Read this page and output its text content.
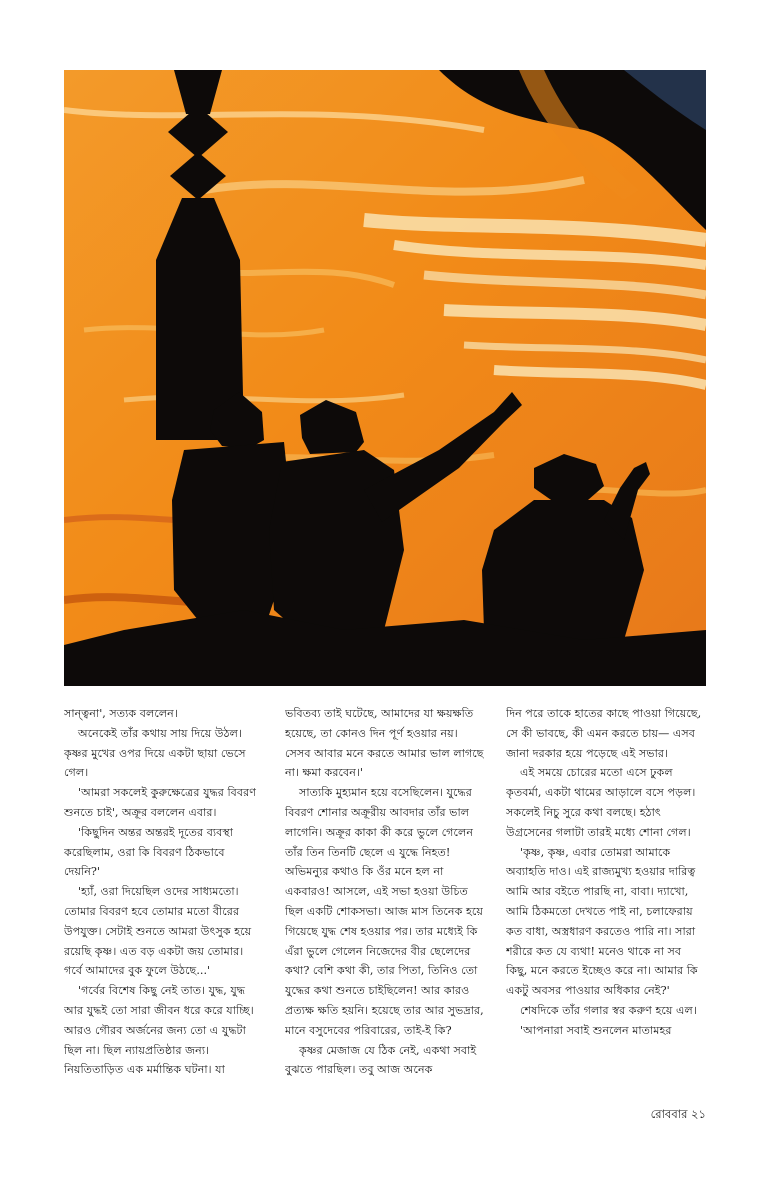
সান্ত্বনা', সত্যক বললেন।

অনেকেই তাঁর কথায় সায় দিয়ে উঠল। কৃষ্ণর মুখের ওপর দিয়ে একটা ছায়া ভেসে গেল।

'আমরা সকলেই কুরুক্ষেত্রের যুদ্ধর বিবরণ শুনতে চাই', অক্রূর বললেন এবার।

'কিছুদিন অন্তর অন্তরই দূতের ব্যবস্থা করেছিলাম, ওরা কি বিবরণ ঠিকভাবে দেয়নি?'

'হ্যাঁ, ওরা দিয়েছিল ওদের সাধ্যমতো। তোমার বিবরণ হবে তোমার মতো বীরের উপযুক্ত। সেটাই শুনতে আমরা উৎসুক হয়ে রয়েছি কৃষ্ণ। এত বড় একটা জয় তোমার। গর্বে আমাদের বুক ফুলে উঠছে...'

'গর্বের বিশেষ কিছু নেই তাত। যুদ্ধ, যুদ্ধ আর যুদ্ধই তো সারা জীবন ধরে করে যাচ্ছি। আরও গৌরব অর্জনের জন্য তো এ যুদ্ধটা ছিল না। ছিল ন্যায়প্রতিষ্ঠার জন্য। নিয়তিতাড়িত এক মর্মান্তিক ঘটনা। যা

ভবিতব্য তাই ঘটেছে, আমাদের যা ক্ষয়ক্ষতি হয়েছে, তা কোনও দিন পূর্ণ হওয়ার নয়। সেসব আবার মনে করতে আমার ভাল লাগছে না। ক্ষমা করবেন।'

সাত্যকি মুহ্যমান হয়ে বসেছিলেন। যুদ্ধের বিবরণ শোনার অক্রূরীয় আবদার তাঁর ভাল লাগেনি। অক্রূর কাকা কী করে ভুলে গেলেন তাঁর তিন তিনটি ছেলে এ যুদ্ধে নিহত! অভিমন্যুর কথাও কি ওঁর মনে হল না একবারও! আসলে, এই সভা হওয়া উচিত ছিল একটি শোকসভা। আজ মাস তিনেক হয়ে গিয়েছে যুদ্ধ শেষ হওয়ার পর। তার মধ্যেই কি এঁরা ভুলে গেলেন নিজেদের বীর ছেলেদের কথা? বেশি কথা কী, তার পিতা, তিনিও তো যুদ্ধের কথা শুনতে চাইছিলেন! আর কারও প্রত্যক্ষ ক্ষতি হয়নি। হয়েছে তার আর সুভদ্রার, মানে বসুদেবের পরিবারের, তাই-ই কি?

কৃষ্ণর মেজাজ যে ঠিক নেই, একথা সবাই বুঝতে পারছিল। তবু আজ অনেক

দিন পরে তাকে হাতের কাছে পাওয়া গিয়েছে, সে কী ভাবছে, কী এমন করতে চায়— এসব জানা দরকার হয়ে পড়েছে এই সভার।

এই সময়ে চোরের মতো এসে ঢুকল কৃতবর্মা, একটা থামের আড়ালে বসে পড়ল। সকলেই নিচু সুরে কথা বলছে। হঠাৎ উগ্রসেনের গলাটা তারই মধ্যে শোনা গেল।

'কৃষ্ণ, কৃষ্ণ, এবার তোমরা আমাকে অব্যাহতি দাও। এই রাজ্যমুখ্য হওয়ার দারিত্ব আমি আর বইতে পারছি না, বাবা। দ্যাখো, আমি ঠিকমতো দেখতে পাই না, চলাফেরায় কত বাধা, অস্ত্রধারণ করতেও পারি না। সারা শরীরে কত যে ব্যথা! মনেও থাকে না সব কিছু, মনে করতে ইচ্ছেও করে না। আমার কি একটু অবসর পাওয়ার অধিকার নেই?'

শেষদিকে তাঁর গলার স্বর করুণ হয়ে এল।

'আপনারা সবাই শুনলেন মাতামহর

রোববার ২১
